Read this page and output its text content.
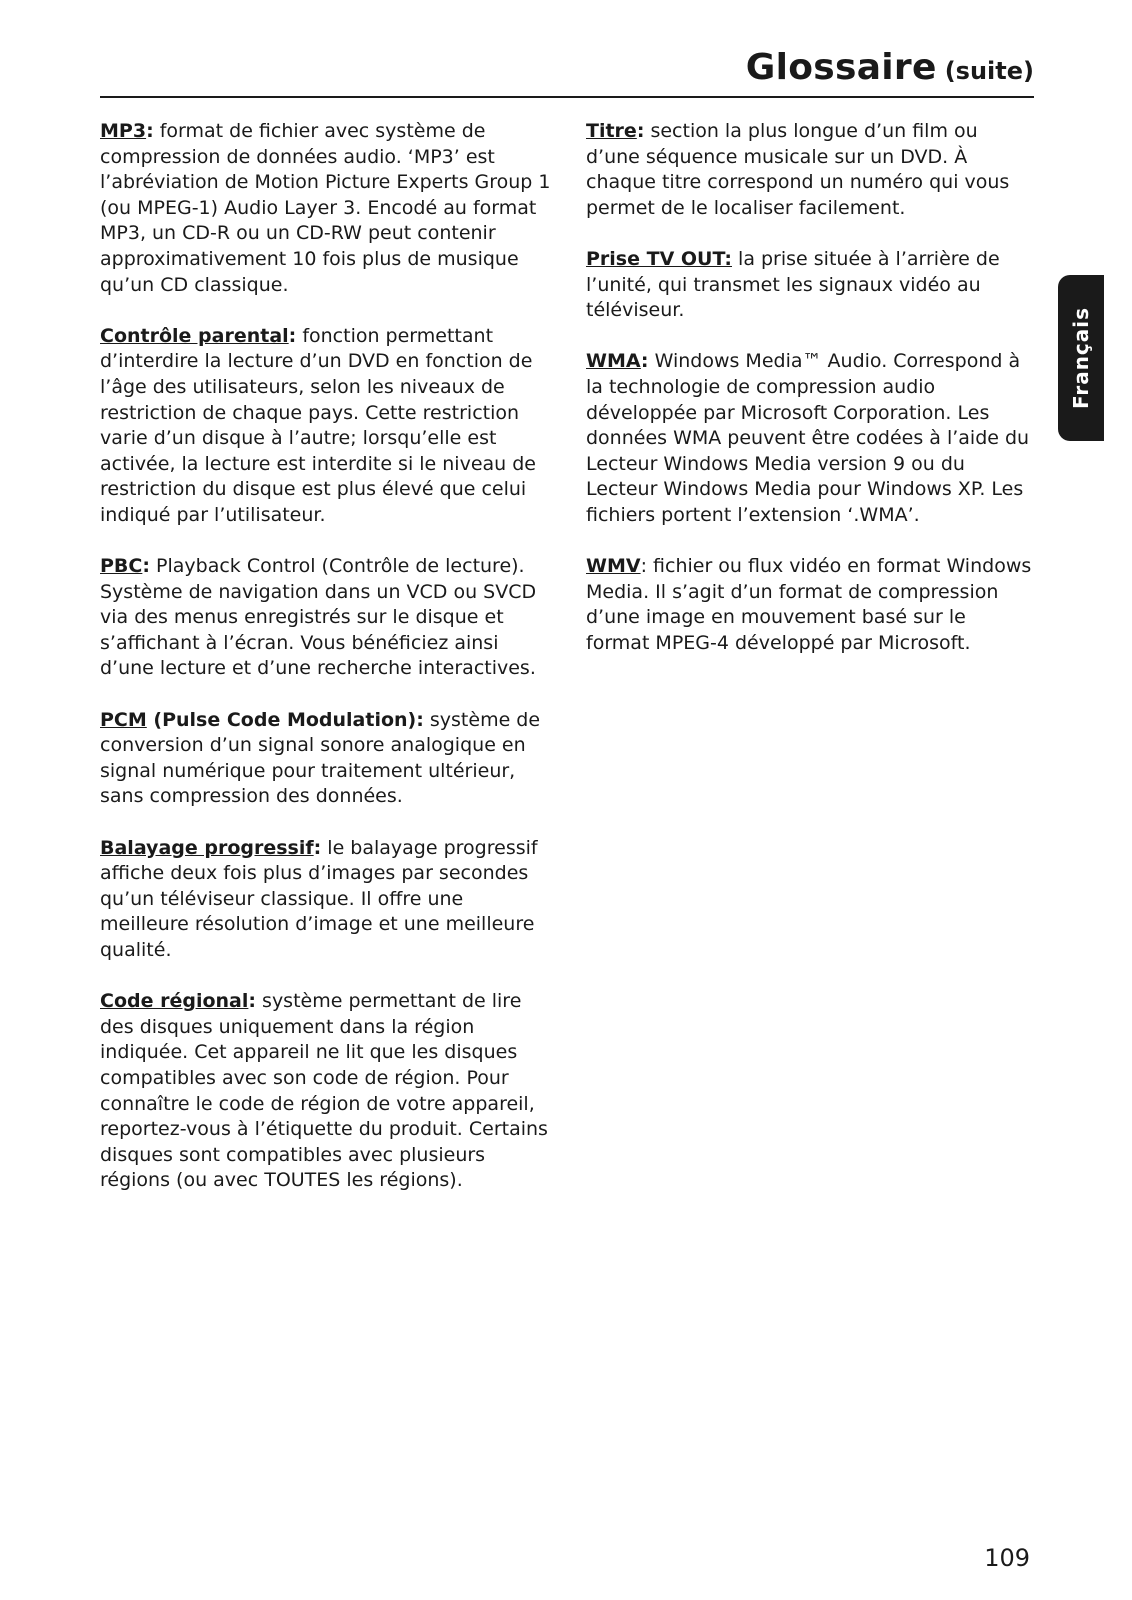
Glossaire (suite)
Français

MP3: format de fichier avec système de compression de données audio. ‘MP3’ est l’abréviation de Motion Picture Experts Group 1 (ou MPEG-1) Audio Layer 3. Encodé au format MP3, un CD-R ou un CD-RW peut contenir approximativement 10 fois plus de musique qu’un CD classique.

Contrôle parental: fonction permettant d’interdire la lecture d’un DVD en fonction de l’âge des utilisateurs, selon les niveaux de restriction de chaque pays. Cette restriction varie d’un disque à l’autre; lorsqu’elle est activée, la lecture est interdite si le niveau de restriction du disque est plus élevé que celui indiqué par l’utilisateur.

PBC: Playback Control (Contrôle de lecture). Système de navigation dans un VCD ou SVCD via des menus enregistrés sur le disque et s’affichant à l’écran. Vous bénéficiez ainsi d’une lecture et d’une recherche interactives.

PCM (Pulse Code Modulation): système de conversion d’un signal sonore analogique en signal numérique pour traitement ultérieur, sans compression des données.

Balayage progressif: le balayage progressif affiche deux fois plus d’images par secondes qu’un téléviseur classique. Il offre une meilleure résolution d’image et une meilleure qualité.

Code régional: système permettant de lire des disques uniquement dans la région indiquée. Cet appareil ne lit que les disques compatibles avec son code de région. Pour connaître le code de région de votre appareil, reportez-vous à l’étiquette du produit. Certains disques sont compatibles avec plusieurs régions (ou avec TOUTES les régions).

Titre: section la plus longue d’un film ou d’une séquence musicale sur un DVD. À chaque titre correspond un numéro qui vous permet de le localiser facilement.

Prise TV OUT: la prise située à l’arrière de l’unité, qui transmet les signaux vidéo au téléviseur.

WMA: Windows Media™ Audio. Correspond à la technologie de compression audio développée par Microsoft Corporation. Les données WMA peuvent être codées à l’aide du Lecteur Windows Media version 9 ou du Lecteur Windows Media pour Windows XP. Les fichiers portent l’extension ‘.WMA’.

WMV: fichier ou flux vidéo en format Windows Media. Il s’agit d’un format de compression d’une image en mouvement basé sur le format MPEG-4 développé par Microsoft.

109
